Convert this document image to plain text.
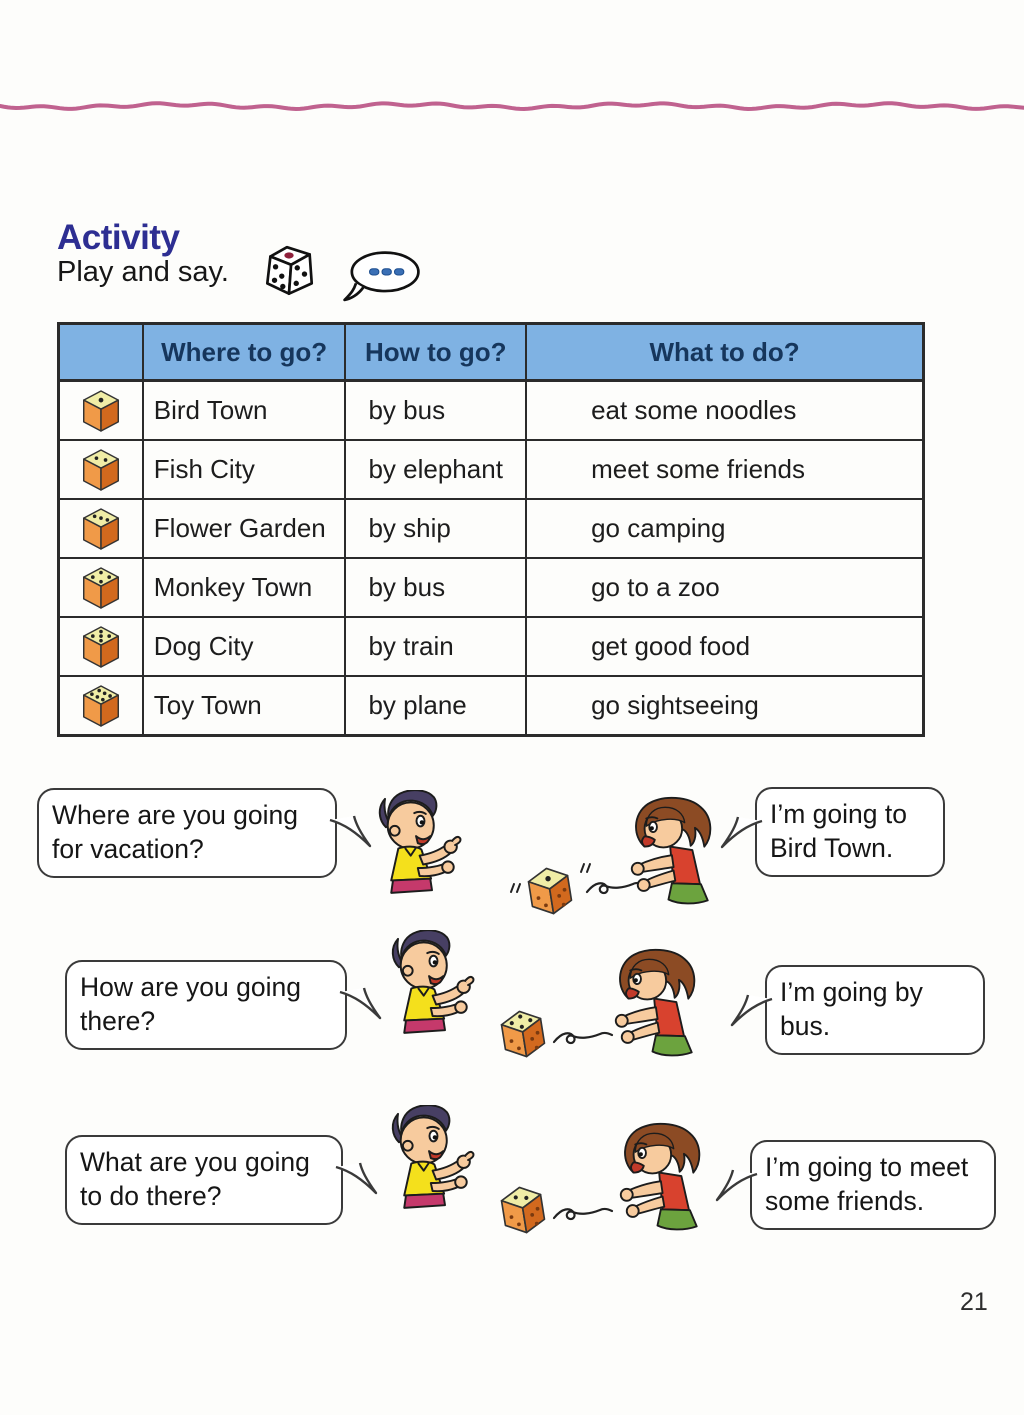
Activity
Play and say.
	Where to go?	How to go?	What to do?
	Bird Town	by bus	eat some noodles
	Fish City	by elephant	meet some friends
	Flower Garden	by ship	go camping
	Monkey Town	by bus	go to a zoo
	Dog City	by train	get good food
	Toy Town	by plane	go sightseeing
Where are you going for vacation?
I’m going to Bird Town.
How are you going there?
I’m going by bus.
What are you going to do there?
I’m going to meet some friends.
21
